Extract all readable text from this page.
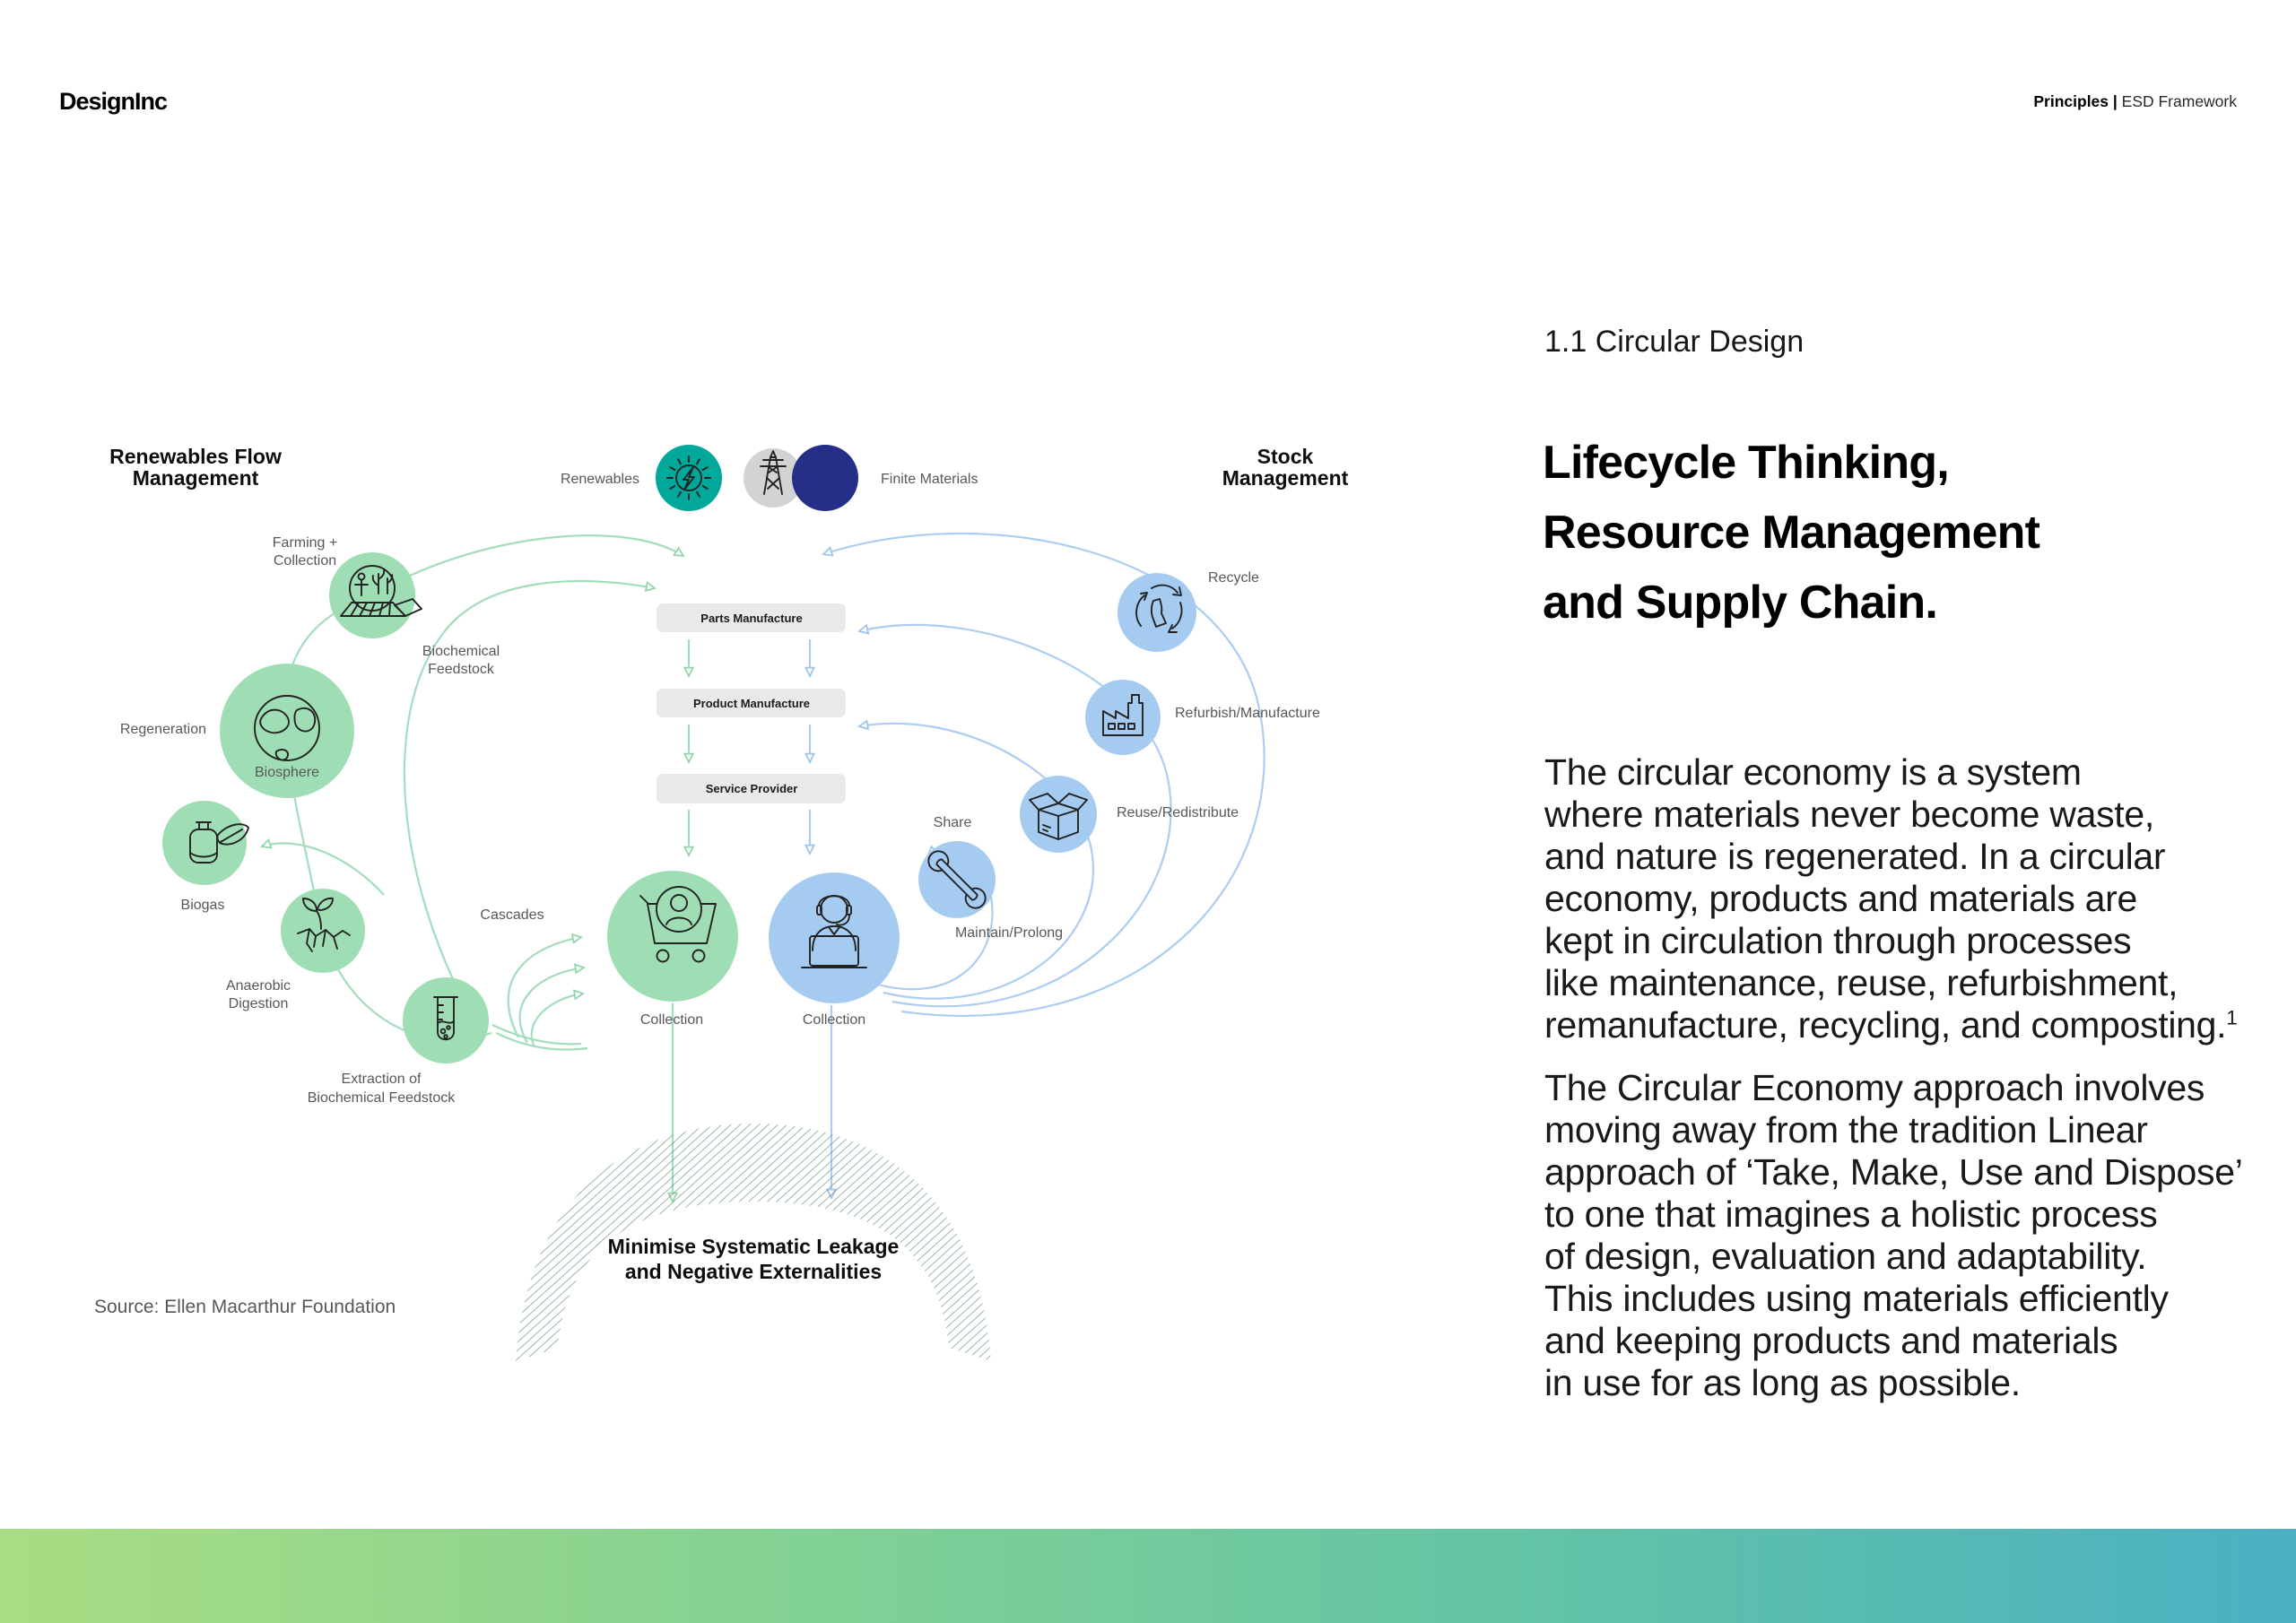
DesignInc	Principles | ESD Framework
Parts Manufacture
Product Manufacture
Service Provider
Renewables Flow
Management
Stock
Management
Renewables	Finite Materials
Farming +
Collection
Biochemical
Feedstock
Regeneration
Biosphere
Biogas
Anaerobic
Digestion
Extraction of
Biochemical Feedstock
Cascades
Collection	Collection
Share
Maintain/Prolong
Reuse/Redistribute
Refurbish/Manufacture
Recycle
Minimise Systematic Leakage
and Negative Externalities
1.1 Circular Design
Lifecycle Thinking,
Resource Management
and Supply Chain.
The circular economy is a system
where materials never become waste,
and nature is regenerated. In a circular
economy, products and materials are
kept in circulation through processes
like maintenance, reuse, refurbishment,
remanufacture, recycling, and composting.$^1$
The Circular Economy approach involves
moving away from the tradition Linear
approach of ‘Take, Make, Use and Dispose’
to one that imagines a holistic process
of design, evaluation and adaptability.
This includes using materials efficiently
and keeping products and materials
in use for as long as possible.
Source: Ellen Macarthur Foundation
